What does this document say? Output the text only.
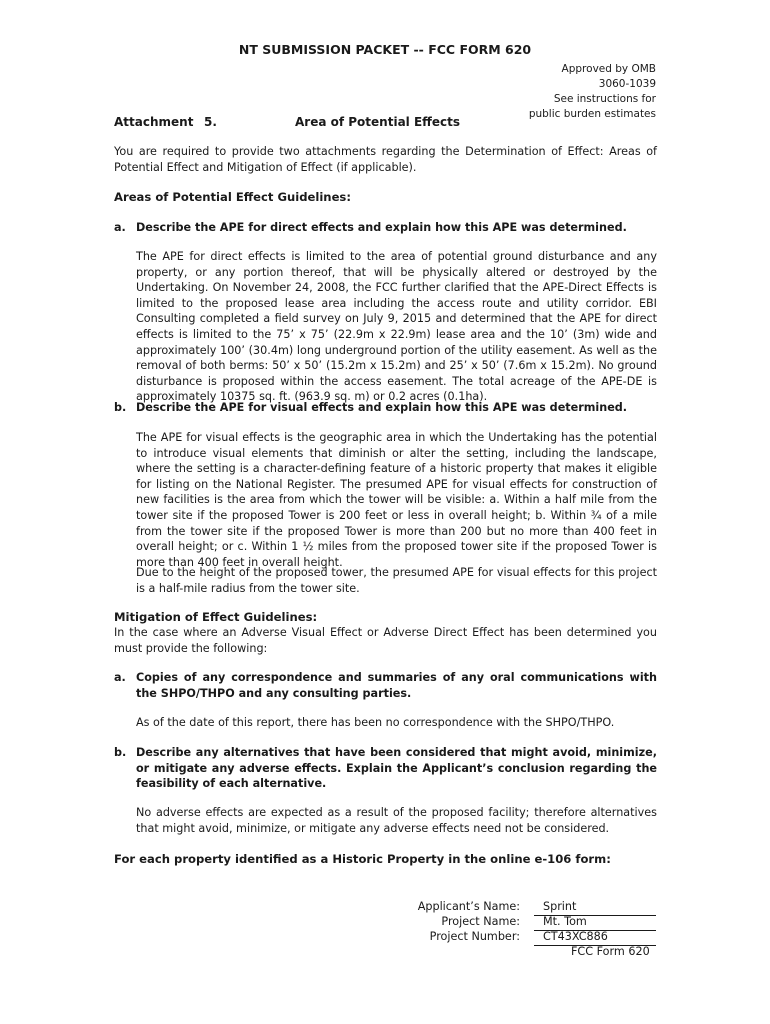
NT SUBMISSION PACKET -- FCC FORM 620
Approved by OMB
3060-1039
See instructions for
public burden estimates
Attachment 5.	Area of Potential Effects
You are required to provide two attachments regarding the Determination of Effect: Areas of Potential Effect and Mitigation of Effect (if applicable).
Areas of Potential Effect Guidelines:
a. Describe the APE for direct effects and explain how this APE was determined.
The APE for direct effects is limited to the area of potential ground disturbance and any property, or any portion thereof, that will be physically altered or destroyed by the Undertaking. On November 24, 2008, the FCC further clarified that the APE-Direct Effects is limited to the proposed lease area including the access route and utility corridor. EBI Consulting completed a field survey on July 9, 2015 and determined that the APE for direct effects is limited to the 75’ x 75’ (22.9m x 22.9m) lease area and the 10’ (3m) wide and approximately 100’ (30.4m) long underground portion of the utility easement. As well as the removal of both berms: 50’ x 50’ (15.2m x 15.2m) and 25’ x 50’ (7.6m x 15.2m). No ground disturbance is proposed within the access easement. The total acreage of the APE-DE is approximately 10375 sq. ft. (963.9 sq. m) or 0.2 acres (0.1ha).
b. Describe the APE for visual effects and explain how this APE was determined.
The APE for visual effects is the geographic area in which the Undertaking has the potential to introduce visual elements that diminish or alter the setting, including the landscape, where the setting is a character-defining feature of a historic property that makes it eligible for listing on the National Register. The presumed APE for visual effects for construction of new facilities is the area from which the tower will be visible: a. Within a half mile from the tower site if the proposed Tower is 200 feet or less in overall height; b. Within ¾ of a mile from the tower site if the proposed Tower is more than 200 but no more than 400 feet in overall height; or c. Within 1 ½ miles from the proposed tower site if the proposed Tower is more than 400 feet in overall height.
Due to the height of the proposed tower, the presumed APE for visual effects for this project is a half-mile radius from the tower site.
Mitigation of Effect Guidelines:
In the case where an Adverse Visual Effect or Adverse Direct Effect has been determined you must provide the following:
a. Copies of any correspondence and summaries of any oral communications with the SHPO/THPO and any consulting parties.
As of the date of this report, there has been no correspondence with the SHPO/THPO.
b. Describe any alternatives that have been considered that might avoid, minimize, or mitigate any adverse effects. Explain the Applicant’s conclusion regarding the feasibility of each alternative.
No adverse effects are expected as a result of the proposed facility; therefore alternatives that might avoid, minimize, or mitigate any adverse effects need not be considered.
For each property identified as a Historic Property in the online e-106 form:
Applicant’s Name:	Sprint
Project Name:	Mt. Tom
Project Number:	CT43XC886
FCC Form 620
